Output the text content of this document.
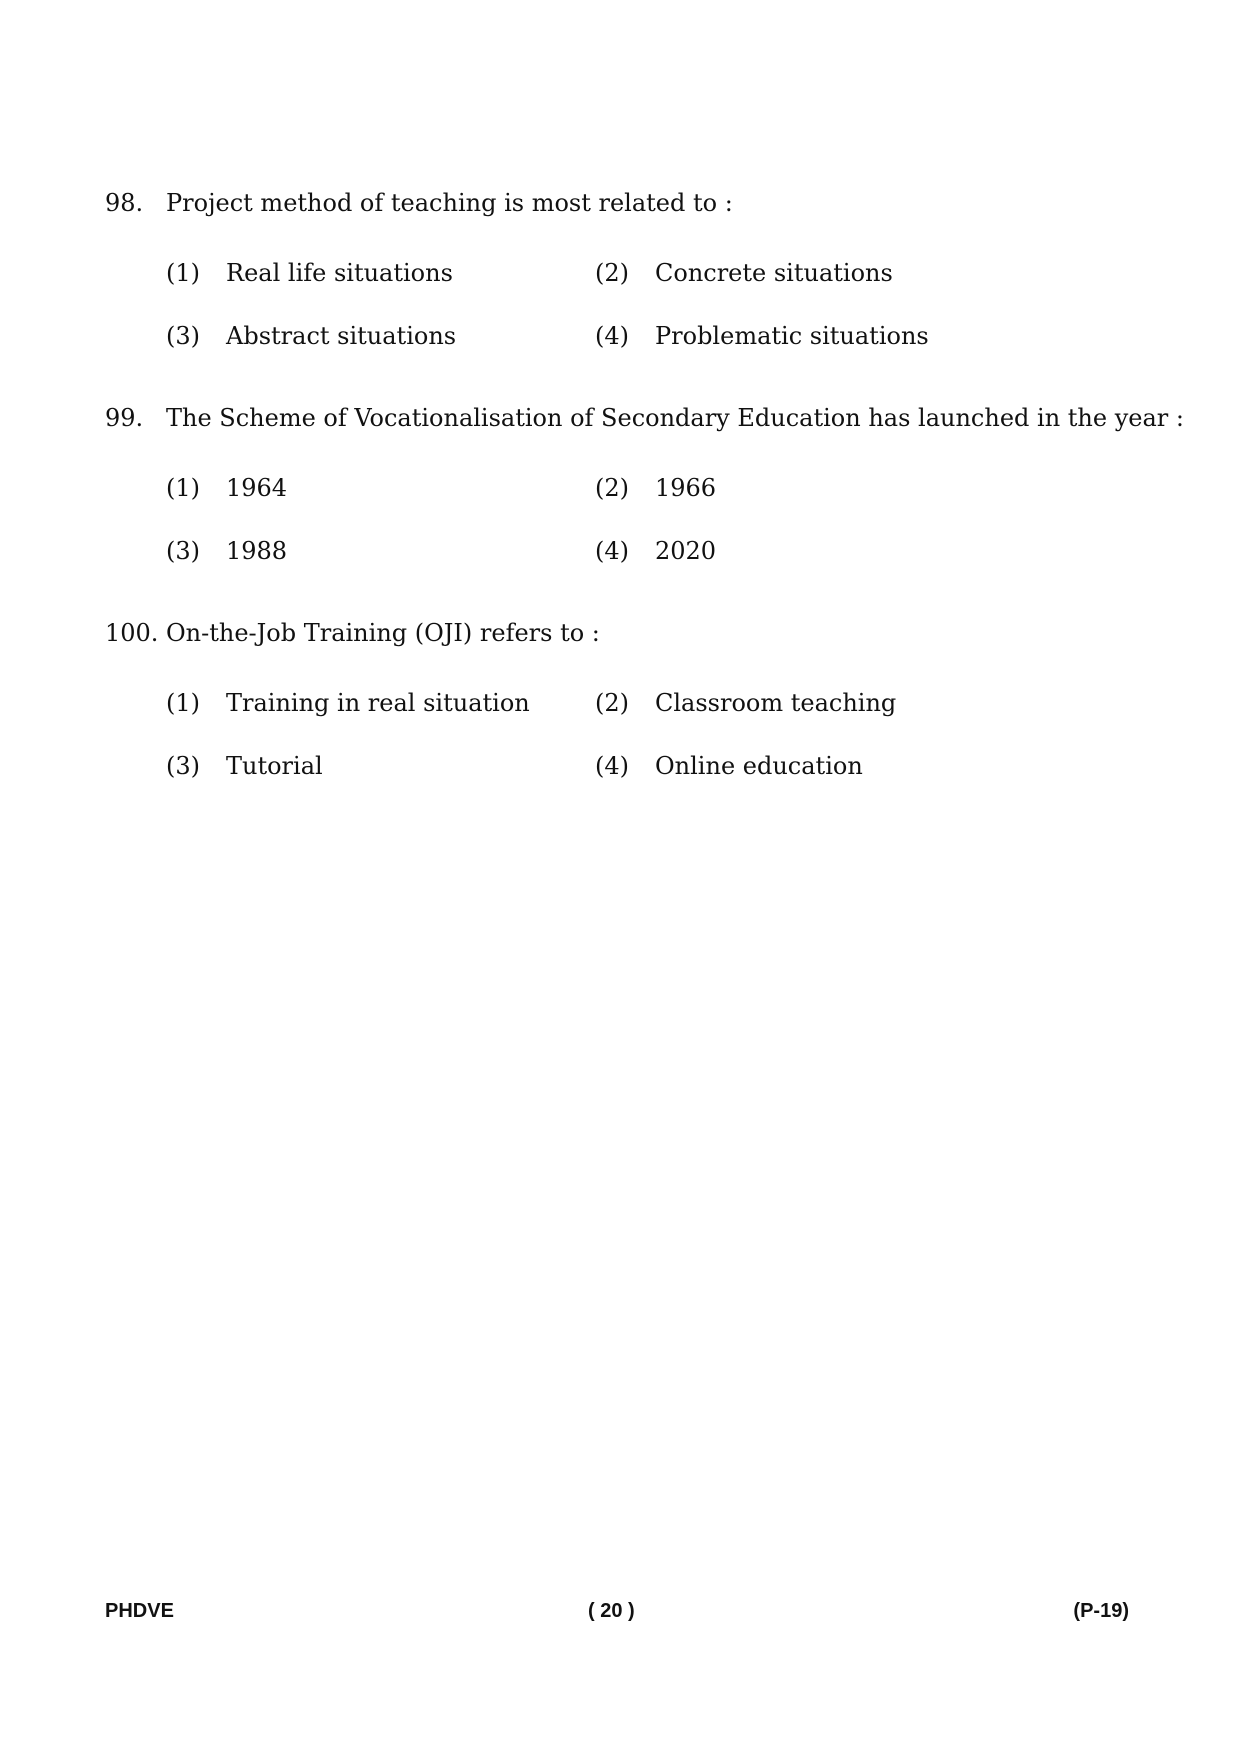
98. Project method of teaching is most related to :
(1) Real life situations	(2) Concrete situations
(3) Abstract situations	(4) Problematic situations
99. The Scheme of Vocationalisation of Secondary Education has launched in the year :
(1) 1964	(2) 1966
(3) 1988	(4) 2020
100. On-the-Job Training (OJI) refers to :
(1) Training in real situation	(2) Classroom teaching
(3) Tutorial	(4) Online education
PHDVE	( 20 )	(P-19)
